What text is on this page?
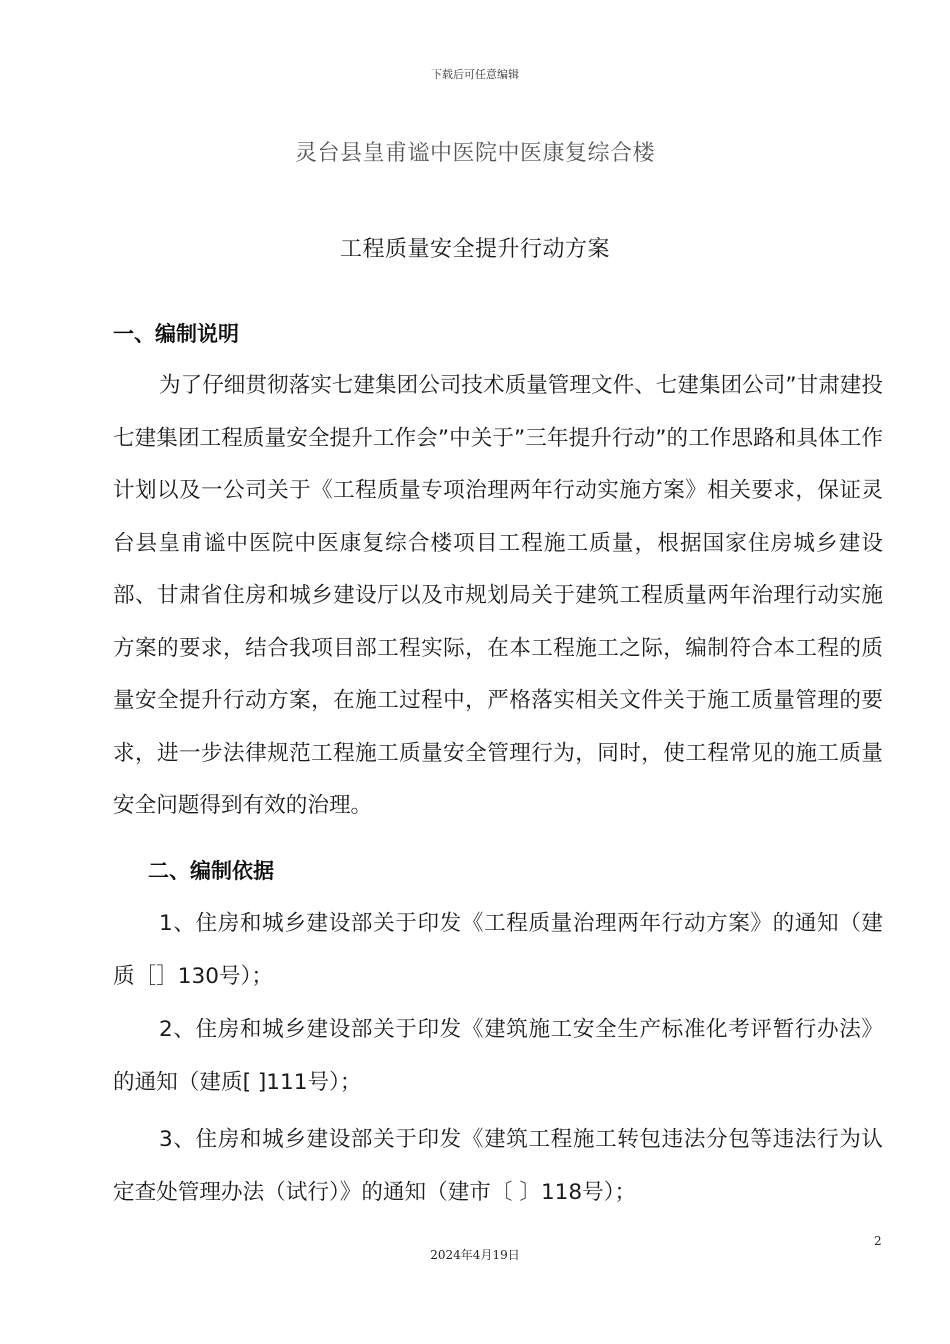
下载后可任意编辑
灵台县皇甫谧中医院中医康复综合楼
工程质量安全提升行动方案
一、编制说明

为了仔细贯彻落实七建集团公司技术质量管理文件、七建集团公司”甘肃建投七建集团工程质量安全提升工作会”中关于”三年提升行动”的工作思路和具体工作计划以及一公司关于《工程质量专项治理两年行动实施方案》相关要求，保证灵台县皇甫谧中医院中医康复综合楼项目工程施工质量，根据国家住房城乡建设部、甘肃省住房和城乡建设厅以及市规划局关于建筑工程质量两年治理行动实施方案的要求，结合我项目部工程实际，在本工程施工之际，编制符合本工程的质量安全提升行动方案，在施工过程中，严格落实相关文件关于施工质量管理的要求，进一步法律规范工程施工质量安全管理行为，同时，使工程常见的施工质量安全问题得到有效的治理。

二、编制依据

1、住房和城乡建设部关于印发《工程质量治理两年行动方案》的通知（建质［］130号）；

2、住房和城乡建设部关于印发《建筑施工安全生产标准化考评暂行办法》的通知（建质[ ]111号）；

3、住房和城乡建设部关于印发《建筑工程施工转包违法分包等违法行为认定查处管理办法（试行）》的通知（建市〔 〕118号）；

2
2024年4月19日
